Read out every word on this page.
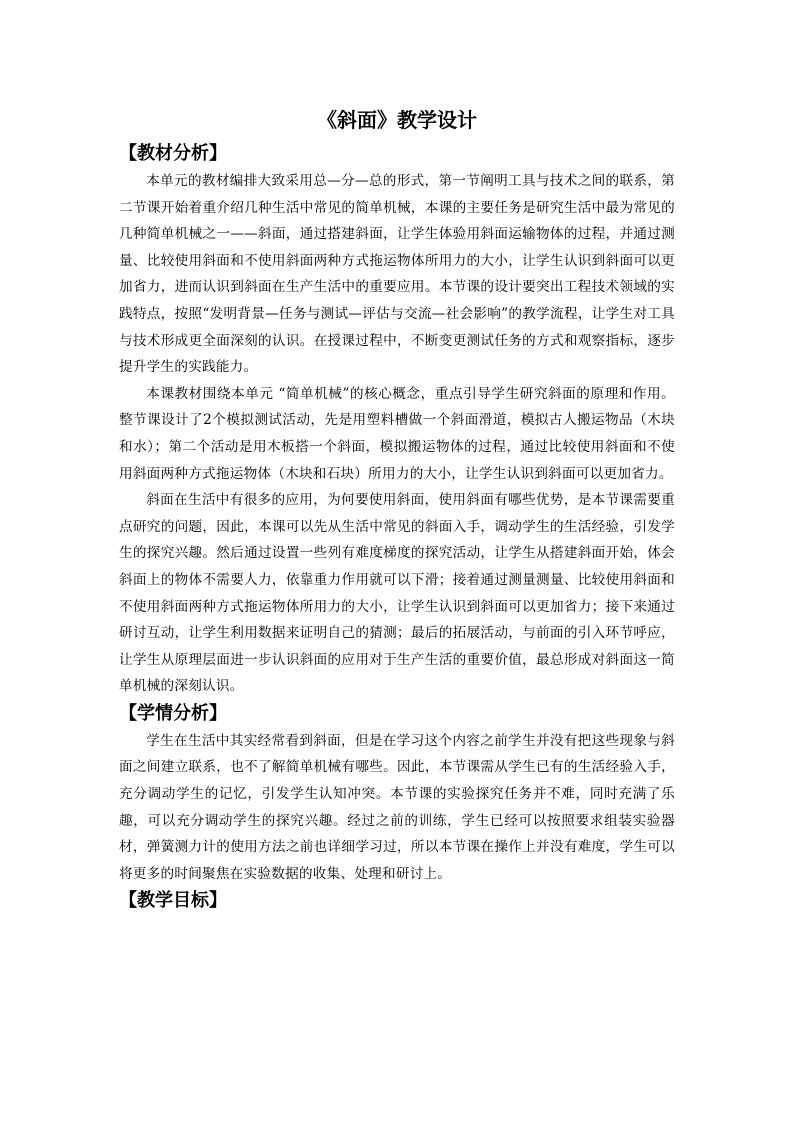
《斜面》教学设计
【教材分析】

本单元的教材编排大致采用总—分—总的形式，第一节阐明工具与技术之间的联系，第二节课开始着重介绍几种生活中常见的简单机械，本课的主要任务是研究生活中最为常见的几种简单机械之一——斜面，通过搭建斜面，让学生体验用斜面运输物体的过程，并通过测量、比较使用斜面和不使用斜面两种方式拖运物体所用力的大小，让学生认识到斜面可以更加省力，进而认识到斜面在生产生活中的重要应用。本节课的设计要突出工程技术领域的实践特点，按照“发明背景—任务与测试—评估与交流—社会影响”的教学流程，让学生对工具与技术形成更全面深刻的认识。在授课过程中，不断变更测试任务的方式和观察指标，逐步提升学生的实践能力。

本课教材围绕本单元 “简单机械”的核心概念，重点引导学生研究斜面的原理和作用。整节课设计了2个模拟测试活动，先是用塑料槽做一个斜面滑道，模拟古人搬运物品（木块和水）；第二个活动是用木板搭一个斜面，模拟搬运物体的过程，通过比较使用斜面和不使用斜面两种方式拖运物体（木块和石块）所用力的大小，让学生认识到斜面可以更加省力。

斜面在生活中有很多的应用，为何要使用斜面，使用斜面有哪些优势，是本节课需要重点研究的问题，因此，本课可以先从生活中常见的斜面入手，调动学生的生活经验，引发学生的探究兴趣。然后通过设置一些列有难度梯度的探究活动，让学生从搭建斜面开始，体会斜面上的物体不需要人力，依靠重力作用就可以下滑；接着通过测量测量、比较使用斜面和不使用斜面两种方式拖运物体所用力的大小，让学生认识到斜面可以更加省力；接下来通过研讨互动，让学生利用数据来证明自己的猜测；最后的拓展活动，与前面的引入环节呼应，让学生从原理层面进一步认识斜面的应用对于生产生活的重要价值，最总形成对斜面这一简单机械的深刻认识。

【学情分析】

学生在生活中其实经常看到斜面，但是在学习这个内容之前学生并没有把这些现象与斜面之间建立联系，也不了解简单机械有哪些。因此，本节课需从学生已有的生活经验入手，充分调动学生的记忆，引发学生认知冲突。本节课的实验探究任务并不难，同时充满了乐趣，可以充分调动学生的探究兴趣。经过之前的训练，学生已经可以按照要求组装实验器材，弹簧测力计的使用方法之前也详细学习过，所以本节课在操作上并没有难度，学生可以将更多的时间聚焦在实验数据的收集、处理和研讨上。

【教学目标】
